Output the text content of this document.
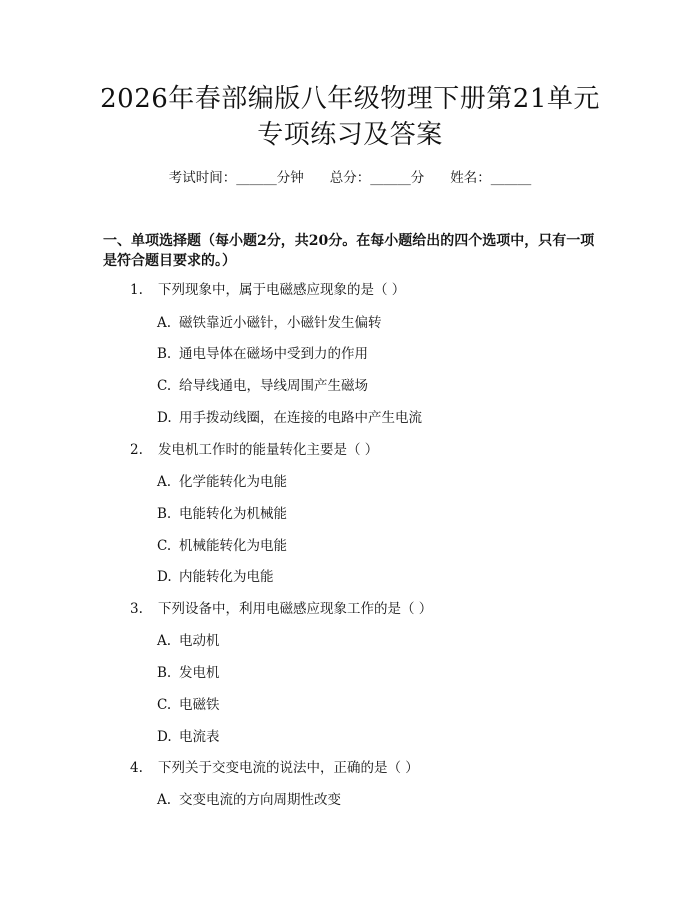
2026年春部编版八年级物理下册第21单元
专项练习及答案
考试时间：______分钟 总分：______分 姓名：______
一、单项选择题（每小题2分，共20分。在每小题给出的四个选项中，只有一项
是符合题目要求的。）
1. 下列现象中，属于电磁感应现象的是（ ）
A. 磁铁靠近小磁针，小磁针发生偏转
B. 通电导体在磁场中受到力的作用
C. 给导线通电，导线周围产生磁场
D. 用手拨动线圈，在连接的电路中产生电流
2. 发电机工作时的能量转化主要是（ ）
A. 化学能转化为电能
B. 电能转化为机械能
C. 机械能转化为电能
D. 内能转化为电能
3. 下列设备中，利用电磁感应现象工作的是（ ）
A. 电动机
B. 发电机
C. 电磁铁
D. 电流表
4. 下列关于交变电流的说法中，正确的是（ ）
A. 交变电流的方向周期性改变
